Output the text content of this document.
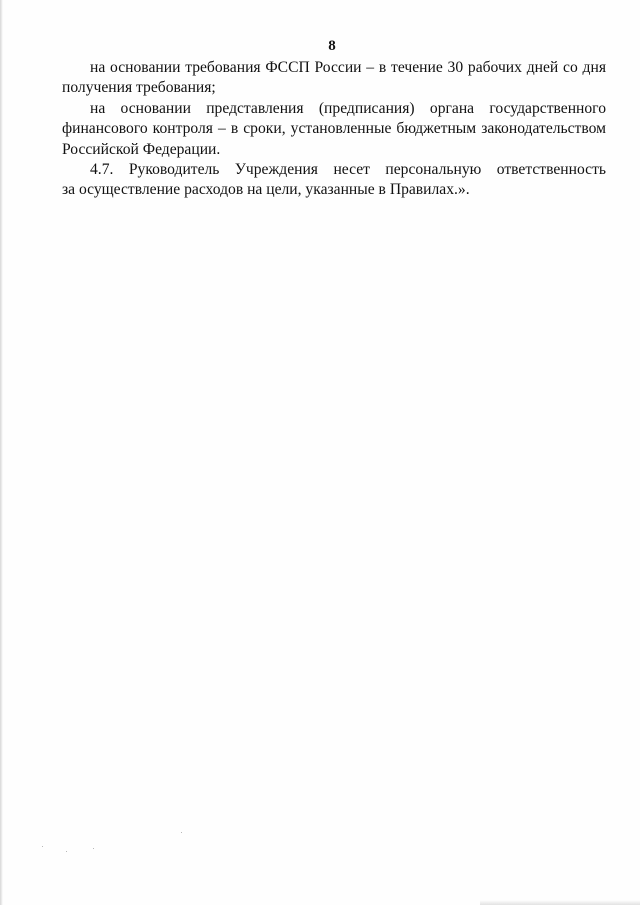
8

на основании требования ФССП России – в течение 30 рабочих дней со дня
получения требования;

на основании представления (предписания) органа государственного
финансового контроля – в сроки, установленные бюджетным законодательством
Российской Федерации.

4.7. Руководитель Учреждения несет персональную ответственность
за осуществление расходов на цели, указанные в Правилах.».
